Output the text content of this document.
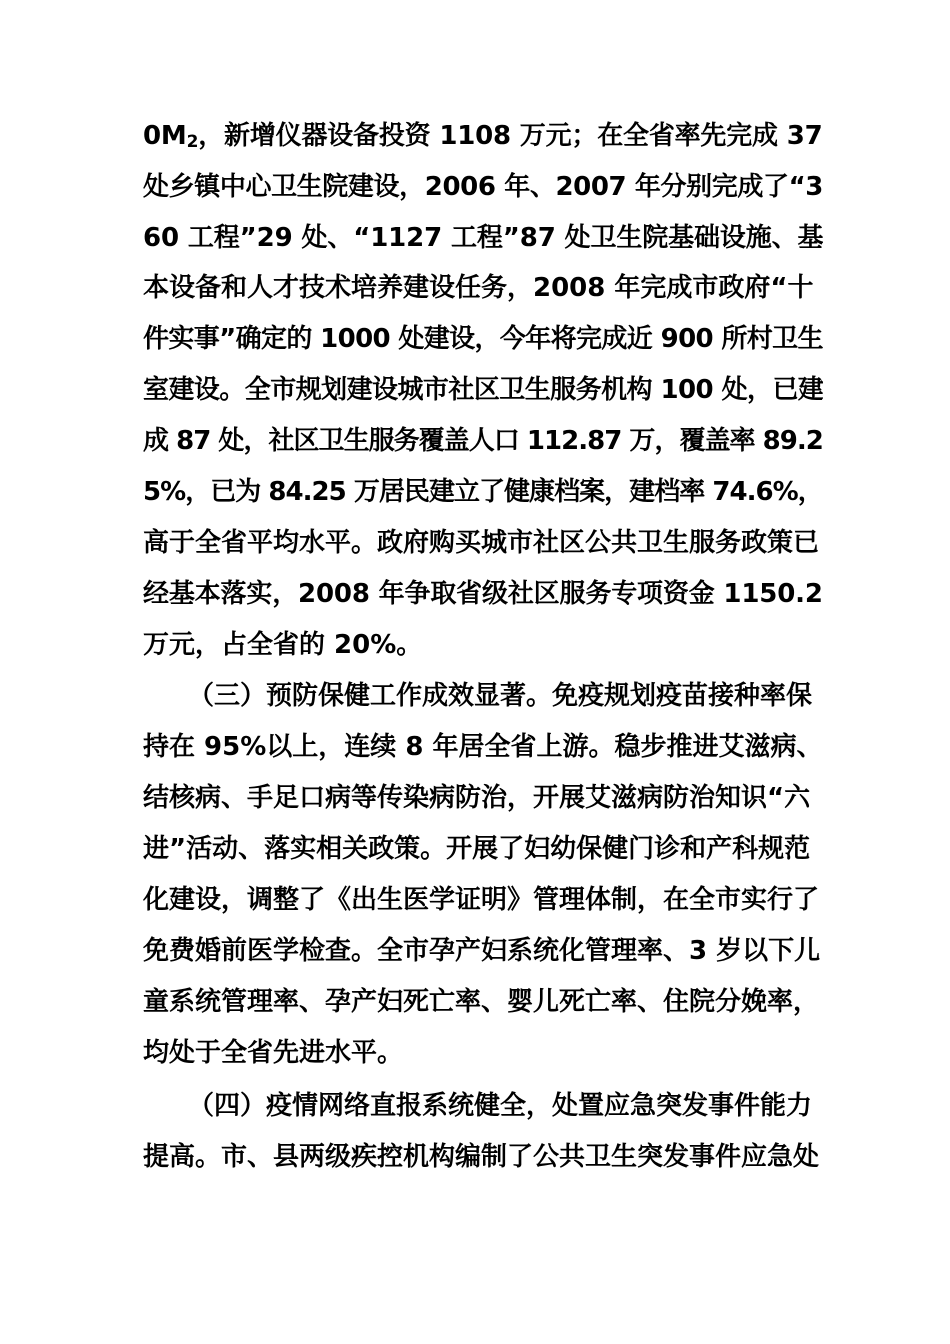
0M2，新增仪器设备投资 1108 万元；在全省率先完成 37
处乡镇中心卫生院建设，2006 年、2007 年分别完成了“3
60 工程”29 处、“1127 工程”87 处卫生院基础设施、基
本设备和人才技术培养建设任务，2008 年完成市政府“十
件实事”确定的 1000 处建设，今年将完成近 900 所村卫生
室建设。全市规划建设城市社区卫生服务机构 100 处，已建
成 87 处，社区卫生服务覆盖人口 112.87 万，覆盖率 89.2
5%，已为 84.25 万居民建立了健康档案，建档率 74.6%，
高于全省平均水平。政府购买城市社区公共卫生服务政策已
经基本落实，2008 年争取省级社区服务专项资金 1150.2
万元，占全省的 20%。
（三）预防保健工作成效显著。免疫规划疫苗接种率保
持在 95%以上，连续 8 年居全省上游。稳步推进艾滋病、
结核病、手足口病等传染病防治，开展艾滋病防治知识“六
进”活动、落实相关政策。开展了妇幼保健门诊和产科规范
化建设，调整了《出生医学证明》管理体制，在全市实行了
免费婚前医学检查。全市孕产妇系统化管理率、3 岁以下儿
童系统管理率、孕产妇死亡率、婴儿死亡率、住院分娩率，
均处于全省先进水平。
（四）疫情网络直报系统健全，处置应急突发事件能力
提高。市、县两级疾控机构编制了公共卫生突发事件应急处
